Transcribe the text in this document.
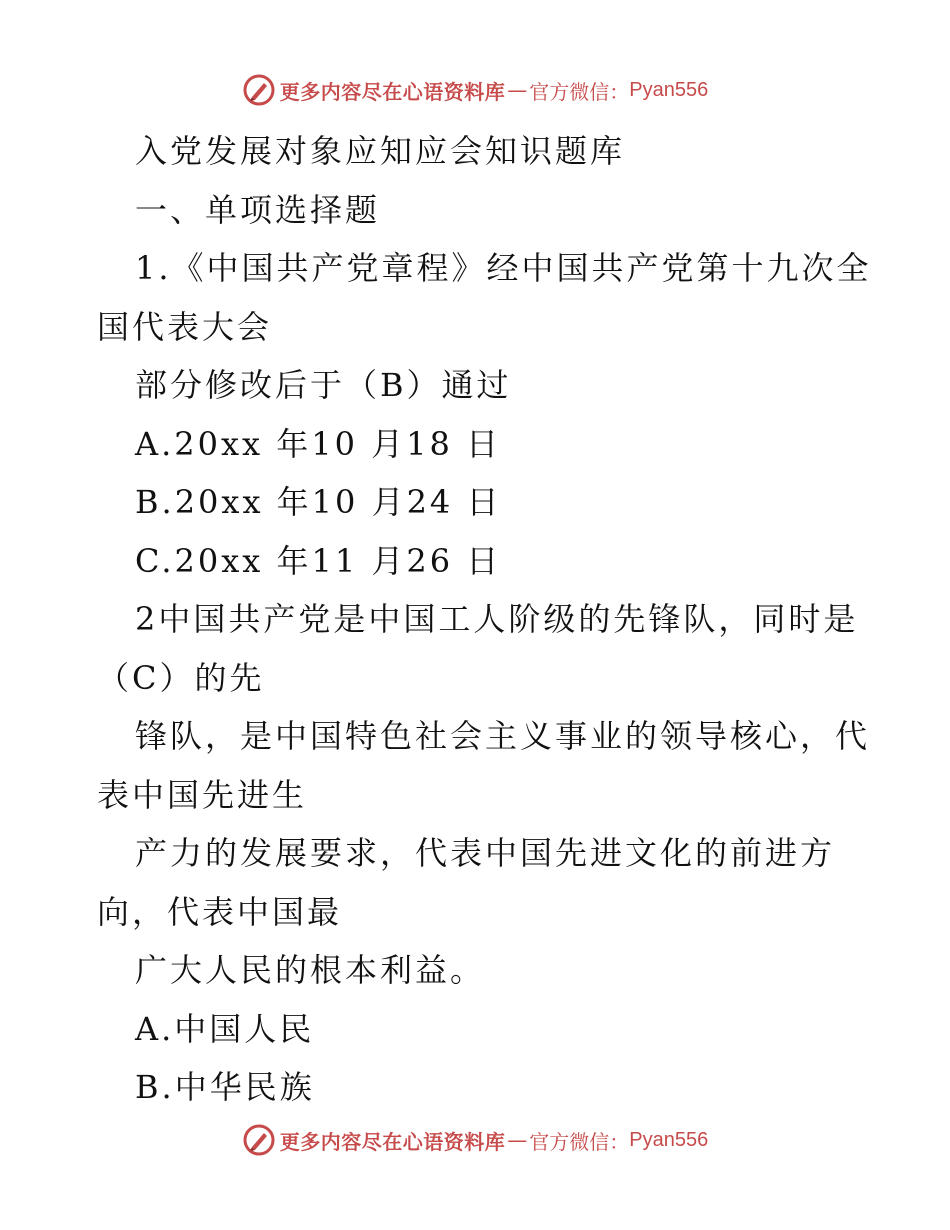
更多内容尽在心语资料库 — 官方微信： Pyan556
入党发展对象应知应会知识题库
一、单项选择题
1.《中国共产党章程》经中国共产党第十九次全
国代表大会
部分修改后于（B）通过
A.20xx 年10 月18 日
B.20xx 年10 月24 日
C.20xx 年11 月26 日
2中国共产党是中国工人阶级的先锋队，同时是
（C）的先
锋队，是中国特色社会主义事业的领导核心，代
表中国先进生
产力的发展要求，代表中国先进文化的前进方
向，代表中国最
广大人民的根本利益。
A.中国人民
B.中华民族
更多内容尽在心语资料库 — 官方微信： Pyan556
